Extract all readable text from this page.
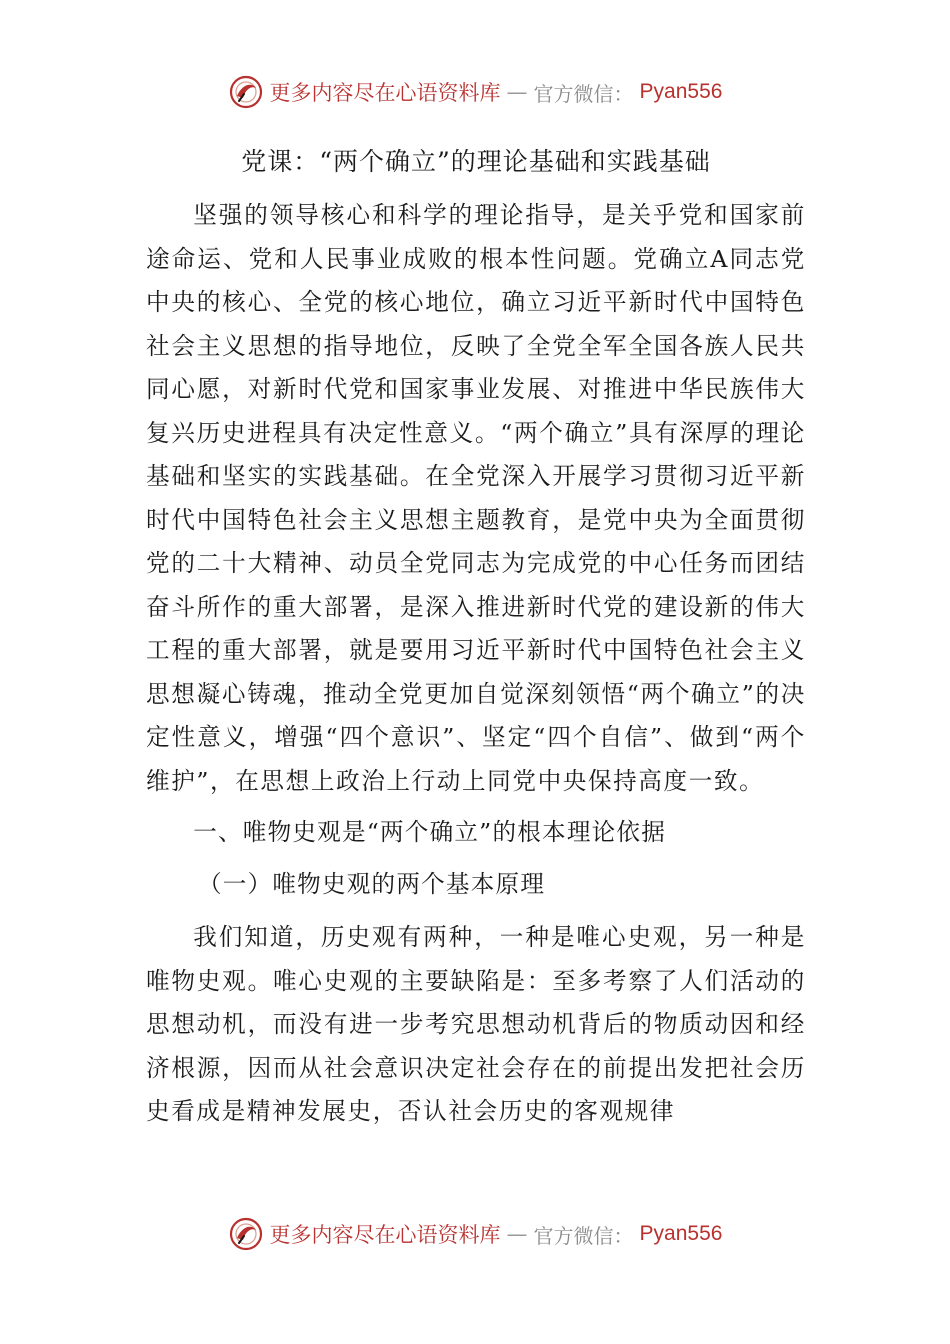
更多内容尽在心语资料库 — 官方微信： Pyan556
党课：“两个确立”的理论基础和实践基础

坚强的领导核心和科学的理论指导，是关乎党和国家前途命运、党和人民事业成败的根本性问题。党确立A同志党中央的核心、全党的核心地位，确立习近平新时代中国特色社会主义思想的指导地位，反映了全党全军全国各族人民共同心愿，对新时代党和国家事业发展、对推进中华民族伟大复兴历史进程具有决定性意义。“两个确立”具有深厚的理论基础和坚实的实践基础。在全党深入开展学习贯彻习近平新时代中国特色社会主义思想主题教育，是党中央为全面贯彻党的二十大精神、动员全党同志为完成党的中心任务而团结奋斗所作的重大部署，是深入推进新时代党的建设新的伟大工程的重大部署，就是要用习近平新时代中国特色社会主义思想凝心铸魂，推动全党更加自觉深刻领悟“两个确立”的决定性意义，增强“四个意识”、坚定“四个自信”、做到“两个维护”，在思想上政治上行动上同党中央保持高度一致。

一、唯物史观是“两个确立”的根本理论依据
（一）唯物史观的两个基本原理

我们知道，历史观有两种，一种是唯心史观，另一种是唯物史观。唯心史观的主要缺陷是：至多考察了人们活动的思想动机，而没有进一步考究思想动机背后的物质动因和经济根源，因而从社会意识决定社会存在的前提出发把社会历史看成是精神发展史，否认社会历史的客观规律

更多内容尽在心语资料库 — 官方微信： Pyan556
